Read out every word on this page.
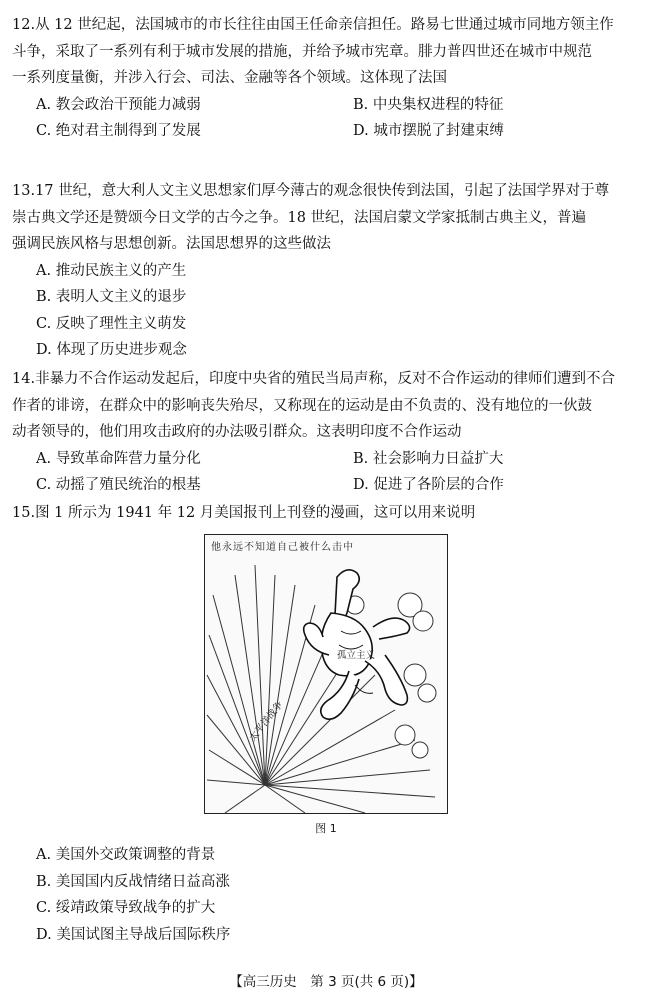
12.从 12 世纪起，法国城市的市长往往由国王任命亲信担任。路易七世通过城市同地方领主作
斗争，采取了一系列有利于城市发展的措施，并给予城市宪章。腓力普四世还在城市中规范
一系列度量衡，并涉入行会、司法、金融等各个领域。这体现了法国
A. 教会政治干预能力减弱	B. 中央集权进程的特征
C. 绝对君主制得到了发展	D. 城市摆脱了封建束缚
13.17 世纪，意大利人文主义思想家们厚今薄古的观念很快传到法国，引起了法国学界对于尊
崇古典文学还是赞颂今日文学的古今之争。18 世纪，法国启蒙文学家抵制古典主义，普遍
强调民族风格与思想创新。法国思想界的这些做法
A. 推动民族主义的产生
B. 表明人文主义的退步
C. 反映了理性主义萌发
D. 体现了历史进步观念
14.非暴力不合作运动发起后，印度中央省的殖民当局声称，反对不合作运动的律师们遭到不合
作者的诽谤，在群众中的影响丧失殆尽，又称现在的运动是由不负责的、没有地位的一伙鼓
动者领导的，他们用攻击政府的办法吸引群众。这表明印度不合作运动
A. 导致革命阵营力量分化	B. 社会影响力日益扩大
C. 动摇了殖民统治的根基	D. 促进了各阶层的合作
15.图 1 所示为 1941 年 12 月美国报刊上刊登的漫画，这可以用来说明
他永远不知道自己被什么击中
孤立主义
太平洋战争
图 1
A. 美国外交政策调整的背景
B. 美国国内反战情绪日益高涨
C. 绥靖政策导致战争的扩大
D. 美国试图主导战后国际秩序
【高三历史　第 3 页(共 6 页)】
